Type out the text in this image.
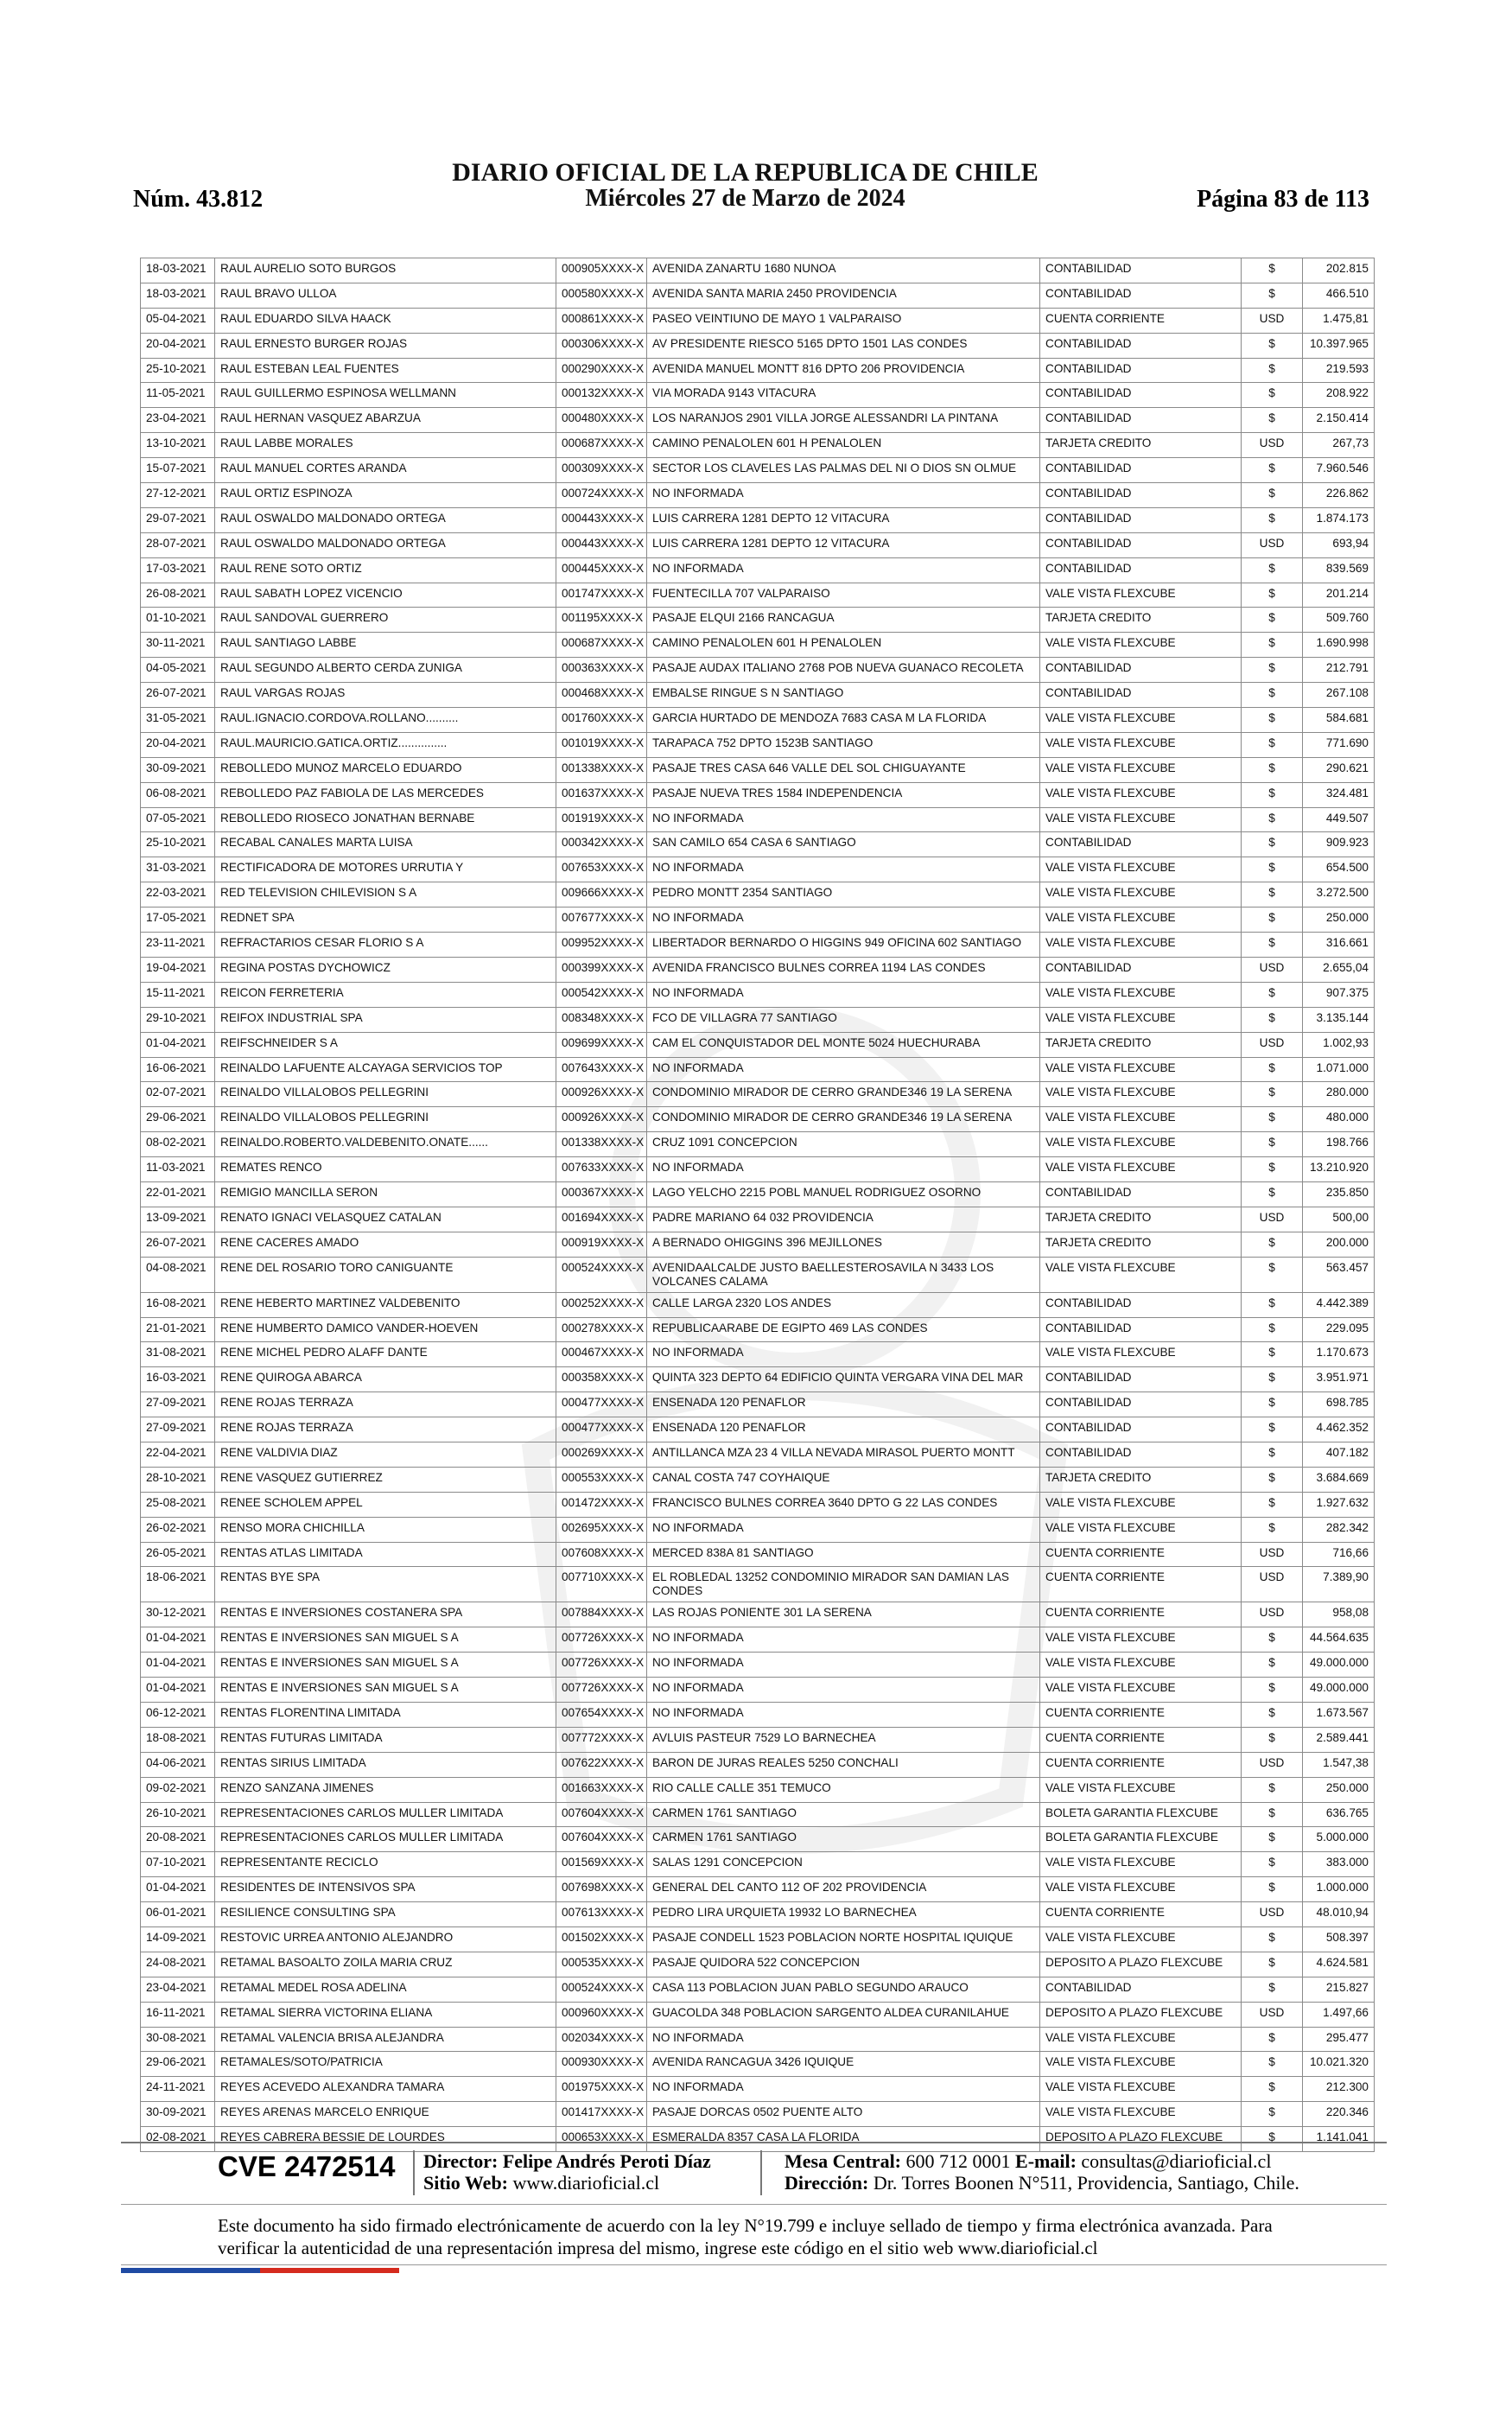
DIARIO OFICIAL DE LA REPUBLICA DE CHILE
Miércoles 27 de Marzo de 2024
Núm. 43.812	Página 83 de 113
18-03-2021	RAUL AURELIO SOTO BURGOS	000905XXXX-X	AVENIDA ZANARTU 1680 NUNOA	CONTABILIDAD	$	202.815
18-03-2021	RAUL BRAVO ULLOA	000580XXXX-X	AVENIDA SANTA MARIA 2450 PROVIDENCIA	CONTABILIDAD	$	466.510
05-04-2021	RAUL EDUARDO SILVA HAACK	000861XXXX-X	PASEO VEINTIUNO DE MAYO 1 VALPARAISO	CUENTA CORRIENTE	USD	1.475,81
20-04-2021	RAUL ERNESTO BURGER ROJAS	000306XXXX-X	AV PRESIDENTE RIESCO 5165 DPTO 1501 LAS CONDES	CONTABILIDAD	$	10.397.965
25-10-2021	RAUL ESTEBAN LEAL FUENTES	000290XXXX-X	AVENIDA MANUEL MONTT 816 DPTO 206 PROVIDENCIA	CONTABILIDAD	$	219.593
11-05-2021	RAUL GUILLERMO ESPINOSA WELLMANN	000132XXXX-X	VIA MORADA 9143 VITACURA	CONTABILIDAD	$	208.922
23-04-2021	RAUL HERNAN VASQUEZ ABARZUA	000480XXXX-X	LOS NARANJOS 2901 VILLA JORGE ALESSANDRI LA PINTANA	CONTABILIDAD	$	2.150.414
13-10-2021	RAUL LABBE MORALES	000687XXXX-X	CAMINO PENALOLEN 601 H PENALOLEN	TARJETA CREDITO	USD	267,73
15-07-2021	RAUL MANUEL CORTES ARANDA	000309XXXX-X	SECTOR LOS CLAVELES LAS PALMAS DEL NI O DIOS SN OLMUE	CONTABILIDAD	$	7.960.546
27-12-2021	RAUL ORTIZ ESPINOZA	000724XXXX-X	NO INFORMADA	CONTABILIDAD	$	226.862
29-07-2021	RAUL OSWALDO MALDONADO ORTEGA	000443XXXX-X	LUIS CARRERA 1281 DEPTO 12 VITACURA	CONTABILIDAD	$	1.874.173
28-07-2021	RAUL OSWALDO MALDONADO ORTEGA	000443XXXX-X	LUIS CARRERA 1281 DEPTO 12 VITACURA	CONTABILIDAD	USD	693,94
17-03-2021	RAUL RENE SOTO ORTIZ	000445XXXX-X	NO INFORMADA	CONTABILIDAD	$	839.569
26-08-2021	RAUL SABATH LOPEZ VICENCIO	001747XXXX-X	FUENTECILLA 707 VALPARAISO	VALE VISTA FLEXCUBE	$	201.214
01-10-2021	RAUL SANDOVAL GUERRERO	001195XXXX-X	PASAJE ELQUI 2166 RANCAGUA	TARJETA CREDITO	$	509.760
30-11-2021	RAUL SANTIAGO LABBE	000687XXXX-X	CAMINO PENALOLEN 601 H PENALOLEN	VALE VISTA FLEXCUBE	$	1.690.998
04-05-2021	RAUL SEGUNDO ALBERTO CERDA ZUNIGA	000363XXXX-X	PASAJE AUDAX ITALIANO 2768 POB NUEVA GUANACO RECOLETA	CONTABILIDAD	$	212.791
26-07-2021	RAUL VARGAS ROJAS	000468XXXX-X	EMBALSE RINGUE S N SANTIAGO	CONTABILIDAD	$	267.108
31-05-2021	RAUL.IGNACIO.CORDOVA.ROLLANO..........	001760XXXX-X	GARCIA HURTADO DE MENDOZA 7683 CASA M LA FLORIDA	VALE VISTA FLEXCUBE	$	584.681
20-04-2021	RAUL.MAURICIO.GATICA.ORTIZ...............	001019XXXX-X	TARAPACA 752 DPTO 1523B SANTIAGO	VALE VISTA FLEXCUBE	$	771.690
30-09-2021	REBOLLEDO MUNOZ MARCELO EDUARDO	001338XXXX-X	PASAJE TRES CASA 646 VALLE DEL SOL CHIGUAYANTE	VALE VISTA FLEXCUBE	$	290.621
06-08-2021	REBOLLEDO PAZ FABIOLA DE LAS MERCEDES	001637XXXX-X	PASAJE NUEVA TRES 1584 INDEPENDENCIA	VALE VISTA FLEXCUBE	$	324.481
07-05-2021	REBOLLEDO RIOSECO JONATHAN BERNABE	001919XXXX-X	NO INFORMADA	VALE VISTA FLEXCUBE	$	449.507
25-10-2021	RECABAL CANALES MARTA LUISA	000342XXXX-X	SAN CAMILO 654 CASA 6 SANTIAGO	CONTABILIDAD	$	909.923
31-03-2021	RECTIFICADORA DE MOTORES URRUTIA Y	007653XXXX-X	NO INFORMADA	VALE VISTA FLEXCUBE	$	654.500
22-03-2021	RED TELEVISION CHILEVISION S A	009666XXXX-X	PEDRO MONTT 2354 SANTIAGO	VALE VISTA FLEXCUBE	$	3.272.500
17-05-2021	REDNET SPA	007677XXXX-X	NO INFORMADA	VALE VISTA FLEXCUBE	$	250.000
23-11-2021	REFRACTARIOS CESAR FLORIO S A	009952XXXX-X	LIBERTADOR BERNARDO O HIGGINS 949 OFICINA 602 SANTIAGO	VALE VISTA FLEXCUBE	$	316.661
19-04-2021	REGINA POSTAS DYCHOWICZ	000399XXXX-X	AVENIDA FRANCISCO BULNES CORREA 1194 LAS CONDES	CONTABILIDAD	USD	2.655,04
15-11-2021	REICON FERRETERIA	000542XXXX-X	NO INFORMADA	VALE VISTA FLEXCUBE	$	907.375
29-10-2021	REIFOX INDUSTRIAL SPA	008348XXXX-X	FCO DE VILLAGRA 77 SANTIAGO	VALE VISTA FLEXCUBE	$	3.135.144
01-04-2021	REIFSCHNEIDER S A	009699XXXX-X	CAM EL CONQUISTADOR DEL MONTE 5024 HUECHURABA	TARJETA CREDITO	USD	1.002,93
16-06-2021	REINALDO LAFUENTE ALCAYAGA SERVICIOS TOP	007643XXXX-X	NO INFORMADA	VALE VISTA FLEXCUBE	$	1.071.000
02-07-2021	REINALDO VILLALOBOS PELLEGRINI	000926XXXX-X	CONDOMINIO MIRADOR DE CERRO GRANDE346 19 LA SERENA	VALE VISTA FLEXCUBE	$	280.000
29-06-2021	REINALDO VILLALOBOS PELLEGRINI	000926XXXX-X	CONDOMINIO MIRADOR DE CERRO GRANDE346 19 LA SERENA	VALE VISTA FLEXCUBE	$	480.000
08-02-2021	REINALDO.ROBERTO.VALDEBENITO.ONATE......	001338XXXX-X	CRUZ 1091 CONCEPCION	VALE VISTA FLEXCUBE	$	198.766
11-03-2021	REMATES RENCO	007633XXXX-X	NO INFORMADA	VALE VISTA FLEXCUBE	$	13.210.920
22-01-2021	REMIGIO MANCILLA SERON	000367XXXX-X	LAGO YELCHO 2215 POBL MANUEL RODRIGUEZ OSORNO	CONTABILIDAD	$	235.850
13-09-2021	RENATO IGNACI VELASQUEZ CATALAN	001694XXXX-X	PADRE MARIANO 64 032 PROVIDENCIA	TARJETA CREDITO	USD	500,00
26-07-2021	RENE CACERES AMADO	000919XXXX-X	A BERNADO OHIGGINS 396 MEJILLONES	TARJETA CREDITO	$	200.000
04-08-2021	RENE DEL ROSARIO TORO CANIGUANTE	000524XXXX-X	AVENIDAALCALDE JUSTO BAELLESTEROSAVILA N 3433 LOS VOLCANES CALAMA	VALE VISTA FLEXCUBE	$	563.457
16-08-2021	RENE HEBERTO MARTINEZ VALDEBENITO	000252XXXX-X	CALLE LARGA 2320 LOS ANDES	CONTABILIDAD	$	4.442.389
21-01-2021	RENE HUMBERTO DAMICO VANDER-HOEVEN	000278XXXX-X	REPUBLICAARABE DE EGIPTO 469 LAS CONDES	CONTABILIDAD	$	229.095
31-08-2021	RENE MICHEL PEDRO ALAFF DANTE	000467XXXX-X	NO INFORMADA	VALE VISTA FLEXCUBE	$	1.170.673
16-03-2021	RENE QUIROGA ABARCA	000358XXXX-X	QUINTA 323 DEPTO 64 EDIFICIO QUINTA VERGARA VINA DEL MAR	CONTABILIDAD	$	3.951.971
27-09-2021	RENE ROJAS TERRAZA	000477XXXX-X	ENSENADA 120 PENAFLOR	CONTABILIDAD	$	698.785
27-09-2021	RENE ROJAS TERRAZA	000477XXXX-X	ENSENADA 120 PENAFLOR	CONTABILIDAD	$	4.462.352
22-04-2021	RENE VALDIVIA DIAZ	000269XXXX-X	ANTILLANCA MZA 23 4 VILLA NEVADA MIRASOL PUERTO MONTT	CONTABILIDAD	$	407.182
28-10-2021	RENE VASQUEZ GUTIERREZ	000553XXXX-X	CANAL COSTA 747 COYHAIQUE	TARJETA CREDITO	$	3.684.669
25-08-2021	RENEE SCHOLEM APPEL	001472XXXX-X	FRANCISCO BULNES CORREA 3640 DPTO G 22 LAS CONDES	VALE VISTA FLEXCUBE	$	1.927.632
26-02-2021	RENSO MORA CHICHILLA	002695XXXX-X	NO INFORMADA	VALE VISTA FLEXCUBE	$	282.342
26-05-2021	RENTAS ATLAS LIMITADA	007608XXXX-X	MERCED 838A 81 SANTIAGO	CUENTA CORRIENTE	USD	716,66
18-06-2021	RENTAS BYE SPA	007710XXXX-X	EL ROBLEDAL 13252 CONDOMINIO MIRADOR SAN DAMIAN LAS CONDES	CUENTA CORRIENTE	USD	7.389,90
30-12-2021	RENTAS E INVERSIONES COSTANERA SPA	007884XXXX-X	LAS ROJAS PONIENTE 301 LA SERENA	CUENTA CORRIENTE	USD	958,08
01-04-2021	RENTAS E INVERSIONES SAN MIGUEL S A	007726XXXX-X	NO INFORMADA	VALE VISTA FLEXCUBE	$	44.564.635
01-04-2021	RENTAS E INVERSIONES SAN MIGUEL S A	007726XXXX-X	NO INFORMADA	VALE VISTA FLEXCUBE	$	49.000.000
01-04-2021	RENTAS E INVERSIONES SAN MIGUEL S A	007726XXXX-X	NO INFORMADA	VALE VISTA FLEXCUBE	$	49.000.000
06-12-2021	RENTAS FLORENTINA LIMITADA	007654XXXX-X	NO INFORMADA	CUENTA CORRIENTE	$	1.673.567
18-08-2021	RENTAS FUTURAS LIMITADA	007772XXXX-X	AVLUIS PASTEUR 7529 LO BARNECHEA	CUENTA CORRIENTE	$	2.589.441
04-06-2021	RENTAS SIRIUS LIMITADA	007622XXXX-X	BARON DE JURAS REALES 5250 CONCHALI	CUENTA CORRIENTE	USD	1.547,38
09-02-2021	RENZO SANZANA JIMENES	001663XXXX-X	RIO CALLE CALLE 351 TEMUCO	VALE VISTA FLEXCUBE	$	250.000
26-10-2021	REPRESENTACIONES CARLOS MULLER LIMITADA	007604XXXX-X	CARMEN 1761 SANTIAGO	BOLETA GARANTIA FLEXCUBE	$	636.765
20-08-2021	REPRESENTACIONES CARLOS MULLER LIMITADA	007604XXXX-X	CARMEN 1761 SANTIAGO	BOLETA GARANTIA FLEXCUBE	$	5.000.000
07-10-2021	REPRESENTANTE RECICLO	001569XXXX-X	SALAS 1291 CONCEPCION	VALE VISTA FLEXCUBE	$	383.000
01-04-2021	RESIDENTES DE INTENSIVOS SPA	007698XXXX-X	GENERAL DEL CANTO 112 OF 202 PROVIDENCIA	VALE VISTA FLEXCUBE	$	1.000.000
06-01-2021	RESILIENCE CONSULTING SPA	007613XXXX-X	PEDRO LIRA URQUIETA 19932 LO BARNECHEA	CUENTA CORRIENTE	USD	48.010,94
14-09-2021	RESTOVIC URREA ANTONIO ALEJANDRO	001502XXXX-X	PASAJE CONDELL 1523 POBLACION NORTE HOSPITAL IQUIQUE	VALE VISTA FLEXCUBE	$	508.397
24-08-2021	RETAMAL BASOALTO ZOILA MARIA CRUZ	000535XXXX-X	PASAJE QUIDORA 522 CONCEPCION	DEPOSITO A PLAZO FLEXCUBE	$	4.624.581
23-04-2021	RETAMAL MEDEL ROSA ADELINA	000524XXXX-X	CASA 113 POBLACION JUAN PABLO SEGUNDO ARAUCO	CONTABILIDAD	$	215.827
16-11-2021	RETAMAL SIERRA VICTORINA ELIANA	000960XXXX-X	GUACOLDA 348 POBLACION SARGENTO ALDEA CURANILAHUE	DEPOSITO A PLAZO FLEXCUBE	USD	1.497,66
30-08-2021	RETAMAL VALENCIA BRISA ALEJANDRA	002034XXXX-X	NO INFORMADA	VALE VISTA FLEXCUBE	$	295.477
29-06-2021	RETAMALES/SOTO/PATRICIA	000930XXXX-X	AVENIDA RANCAGUA 3426 IQUIQUE	VALE VISTA FLEXCUBE	$	10.021.320
24-11-2021	REYES ACEVEDO ALEXANDRA TAMARA	001975XXXX-X	NO INFORMADA	VALE VISTA FLEXCUBE	$	212.300
30-09-2021	REYES ARENAS MARCELO ENRIQUE	001417XXXX-X	PASAJE DORCAS 0502 PUENTE ALTO	VALE VISTA FLEXCUBE	$	220.346
02-08-2021	REYES CABRERA BESSIE DE LOURDES	000653XXXX-X	ESMERALDA 8357 CASA LA FLORIDA	DEPOSITO A PLAZO FLEXCUBE	$	1.141.041
CVE 2472514 Director: Felipe Andrés Peroti Díaz
Sitio Web: www.diarioficial.cl
Mesa Central: 600 712 0001 E-mail: consultas@diarioficial.cl
Dirección: Dr. Torres Boonen N°511, Providencia, Santiago, Chile.
Este documento ha sido firmado electrónicamente de acuerdo con la ley N°19.799 e incluye sellado de tiempo y firma electrónica avanzada. Para verificar la autenticidad de una representación impresa del mismo, ingrese este código en el sitio web www.diarioficial.cl
